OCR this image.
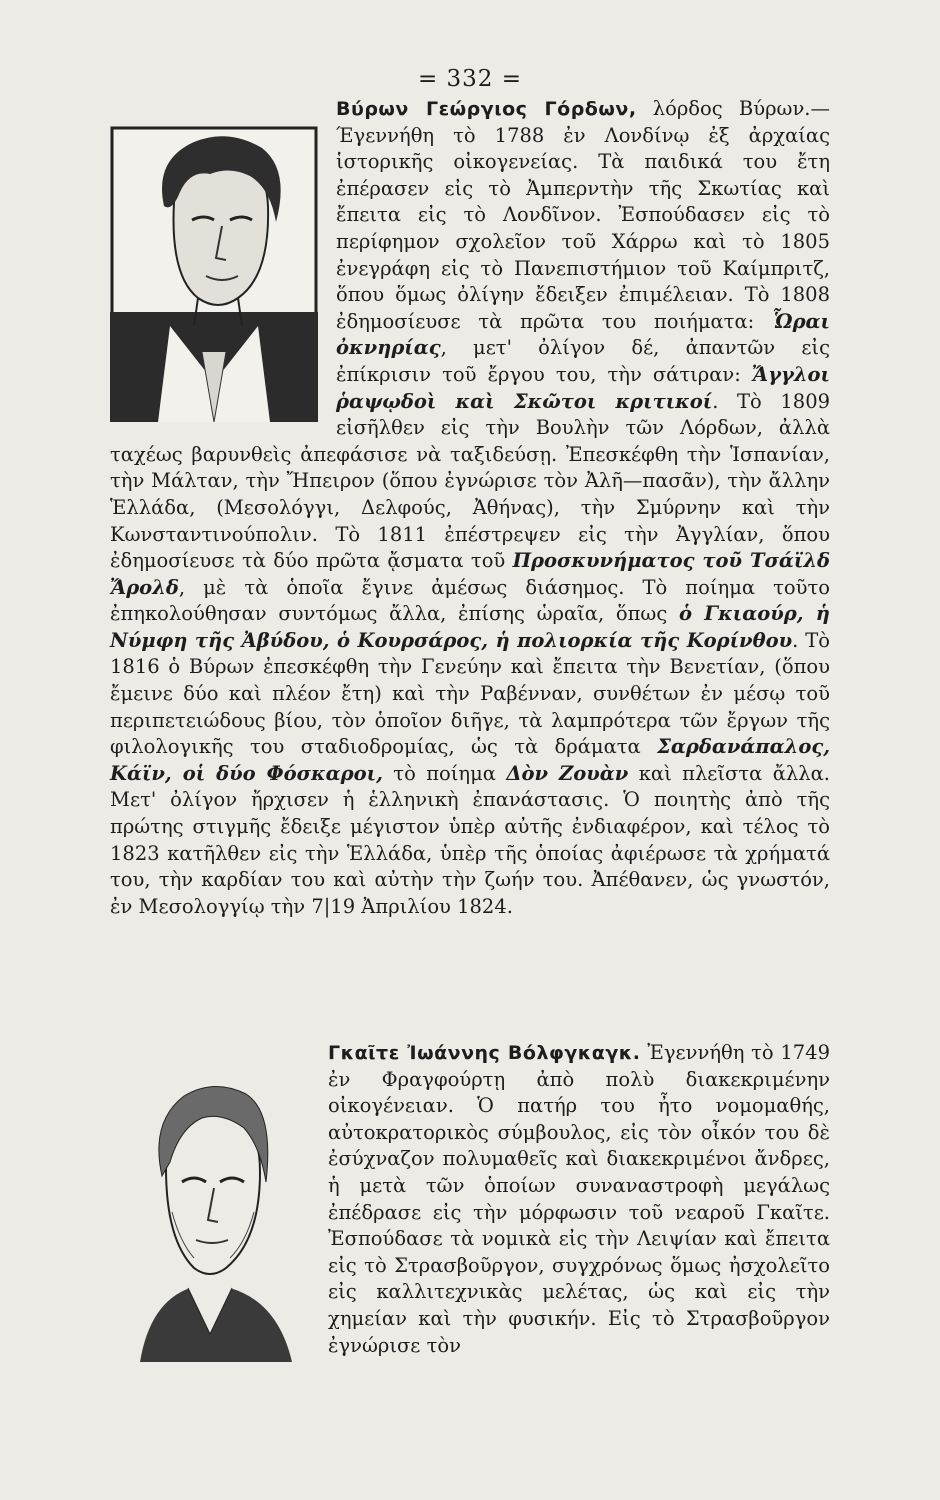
= 332 =

Βύρων Γεώργιος Γόρδων, λόρδος Βύρων.—Έγεννήθη τὸ 1788 ἐν Λονδίνῳ ἐξ ἀρχαίας ἱστορικῆς οἰκογενείας. Τὰ παιδικά του ἔτη ἐπέρασεν εἰς τὸ Ἀμπερντὴν τῆς Σκωτίας καὶ ἔπειτα εἰς τὸ Λονδῖνον. Ἐσπούδασεν εἰς τὸ περίφημον σχολεῖον τοῦ Χάρρω καὶ τὸ 1805 ἐνεγράφη εἰς τὸ Πανεπιστήμιον τοῦ Καίμπριτζ, ὅπου ὅμως ὀλίγην ἔδειξεν ἐπιμέλειαν. Τὸ 1808 ἐδημοσίευσε τὰ πρῶτα του ποιήματα: Ὧραι ὀκνηρίας, μετ' ὀλίγον δέ, ἀπαντῶν εἰς ἐπίκρισιν τοῦ ἔργου του, τὴν σάτιραν: Ἄγγλοι ῥαψῳδοὶ καὶ Σκῶτοι κριτικοί. Τὸ 1809 εἰσῆλθεν εἰς τὴν Βουλὴν τῶν Λόρδων, ἀλλὰ ταχέως βαρυνθεὶς ἀπεφάσισε νὰ ταξιδεύσῃ. Ἐπεσκέφθη τὴν Ἱσπανίαν, τὴν Μάλταν, τὴν Ἤπειρον (ὅπου ἐγνώρισε τὸν Ἀλῆ—πασᾶν), τὴν ἄλλην Ἑλλάδα, (Μεσολόγγι, Δελφούς, Ἀθήνας), τὴν Σμύρνην καὶ τὴν Κωνσταντινούπολιν. Τὸ 1811 ἐπέστρεψεν εἰς τὴν Ἀγγλίαν, ὅπου ἐδημοσίευσε τὰ δύο πρῶτα ᾄσματα τοῦ Προσκυνήματος τοῦ Τσάϊλδ Ἄρολδ, μὲ τὰ ὁποῖα ἔγινε ἀμέσως διάσημος. Τὸ ποίημα τοῦτο ἐπηκολούθησαν συντόμως ἄλλα, ἐπίσης ὡραῖα, ὅπως ὁ Γκιαούρ, ἡ Νύμφη τῆς Ἀβύδου, ὁ Κουρσάρος, ἡ πολιορκία τῆς Κορίνθου. Τὸ 1816 ὁ Βύρων ἐπεσκέφθη τὴν Γενεύην καὶ ἔπειτα τὴν Βενετίαν, (ὅπου ἔμεινε δύο καὶ πλέον ἔτη) καὶ τὴν Ραβένναν, συνθέτων ἐν μέσῳ τοῦ περιπετειώδους βίου, τὸν ὁποῖον διῆγε, τὰ λαμπρότερα τῶν ἔργων τῆς φιλολογικῆς του σταδιοδρομίας, ὡς τὰ δράματα Σαρδανάπαλος, Κάϊν, οἱ δύο Φόσκαροι, τὸ ποίημα Δὸν Ζουὰν καὶ πλεῖστα ἄλλα. Μετ' ὀλίγον ἤρχισεν ἡ ἑλληνικὴ ἐπανάστασις. Ὁ ποιητὴς ἀπὸ τῆς πρώτης στιγμῆς ἔδειξε μέγιστον ὑπὲρ αὐτῆς ἐνδιαφέρον, καὶ τέλος τὸ 1823 κατῆλθεν εἰς τὴν Ἑλλάδα, ὑπὲρ τῆς ὁποίας ἀφιέρωσε τὰ χρήματά του, τὴν καρδίαν του καὶ αὐτὴν τὴν ζωήν του. Ἀπέθανεν, ὡς γνωστόν, ἐν Μεσολογγίῳ τὴν 7|19 Ἀπριλίου 1824.

Γκαῖτε Ἰωάννης Βόλφγκαγκ. Ἐγεννήθη τὸ 1749 ἐν Φραγφούρτῃ ἀπὸ πολὺ διακεκριμένην οἰκογένειαν. Ὁ πατήρ του ἦτο νομομαθής, αὐτοκρατορικὸς σύμβουλος, εἰς τὸν οἶκόν του δὲ ἐσύχναζον πολυμαθεῖς καὶ διακεκριμένοι ἄνδρες, ἡ μετὰ τῶν ὁποίων συναναστροφὴ μεγάλως ἐπέδρασε εἰς τὴν μόρφωσιν τοῦ νεαροῦ Γκαῖτε. Ἐσπούδασε τὰ νομικὰ εἰς τὴν Λειψίαν καὶ ἔπειτα εἰς τὸ Στρασβοῦργον, συγχρόνως ὅμως ἠσχολεῖτο εἰς καλλιτεχνικὰς μελέτας, ὡς καὶ εἰς τὴν χημείαν καὶ τὴν φυσικήν. Εἰς τὸ Στρασβοῦργον ἐγνώρισε τὸν
